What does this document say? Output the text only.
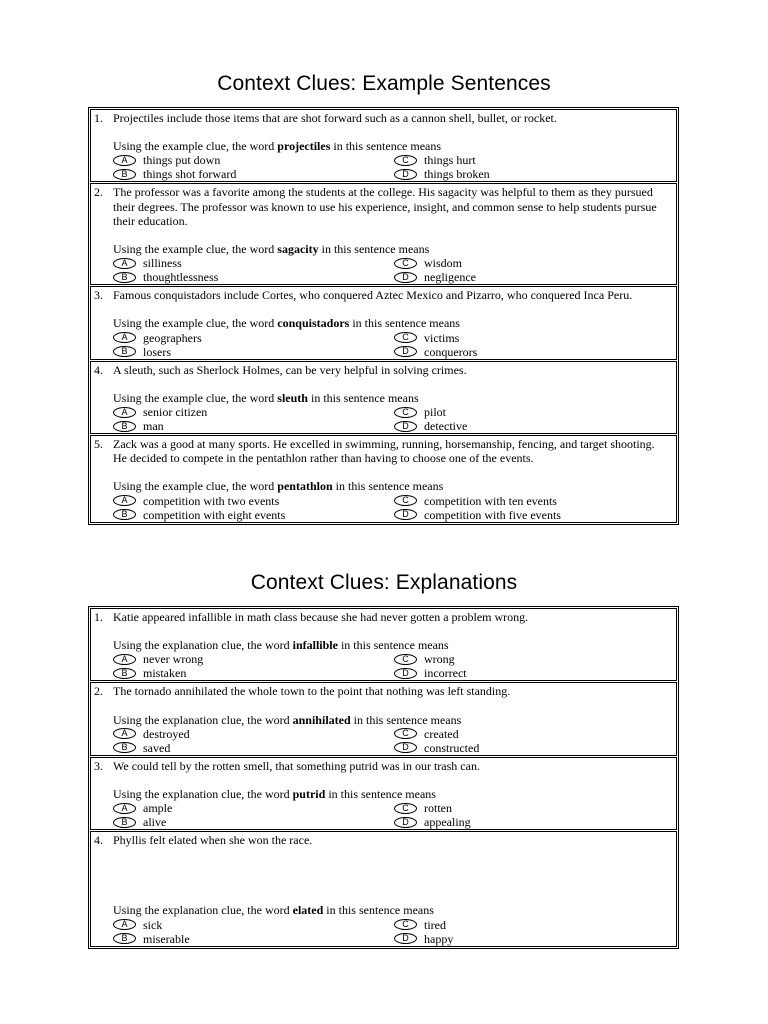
Context Clues: Example Sentences
1. Projectiles include those items that are shot forward such as a cannon shell, bullet, or rocket.
Using the example clue, the word projectiles in this sentence means
A	things put down	C	things hurt
B	things shot forward	D	things broken
2. The professor was a favorite among the students at the college. His sagacity was helpful to them as they pursued their degrees. The professor was known to use his experience, insight, and common sense to help students pursue their education.
Using the example clue, the word sagacity in this sentence means
A	silliness	C	wisdom
B	thoughtlessness	D	negligence
3. Famous conquistadors include Cortes, who conquered Aztec Mexico and Pizarro, who conquered Inca Peru.
Using the example clue, the word conquistadors in this sentence means
A	geographers	C	victims
B	losers	D	conquerors
4. A sleuth, such as Sherlock Holmes, can be very helpful in solving crimes.
Using the example clue, the word sleuth in this sentence means
A	senior citizen	C	pilot
B	man	D	detective
5. Zack was a good at many sports. He excelled in swimming, running, horsemanship, fencing, and target shooting. He decided to compete in the pentathlon rather than having to choose one of the events.
Using the example clue, the word pentathlon in this sentence means
A	competition with two events	C	competition with ten events
B	competition with eight events	D	competition with five events
Context Clues: Explanations
1. Katie appeared infallible in math class because she had never gotten a problem wrong.
Using the explanation clue, the word infallible in this sentence means
A	never wrong	C	wrong
B	mistaken	D	incorrect
2. The tornado annihilated the whole town to the point that nothing was left standing.
Using the explanation clue, the word annihilated in this sentence means
A	destroyed	C	created
B	saved	D	constructed
3. We could tell by the rotten smell, that something putrid was in our trash can.
Using the explanation clue, the word putrid in this sentence means
A	ample	C	rotten
B	alive	D	appealing
4. Phyllis felt elated when she won the race.
Using the explanation clue, the word elated in this sentence means
A	sick	C	tired
B	miserable	D	happy
